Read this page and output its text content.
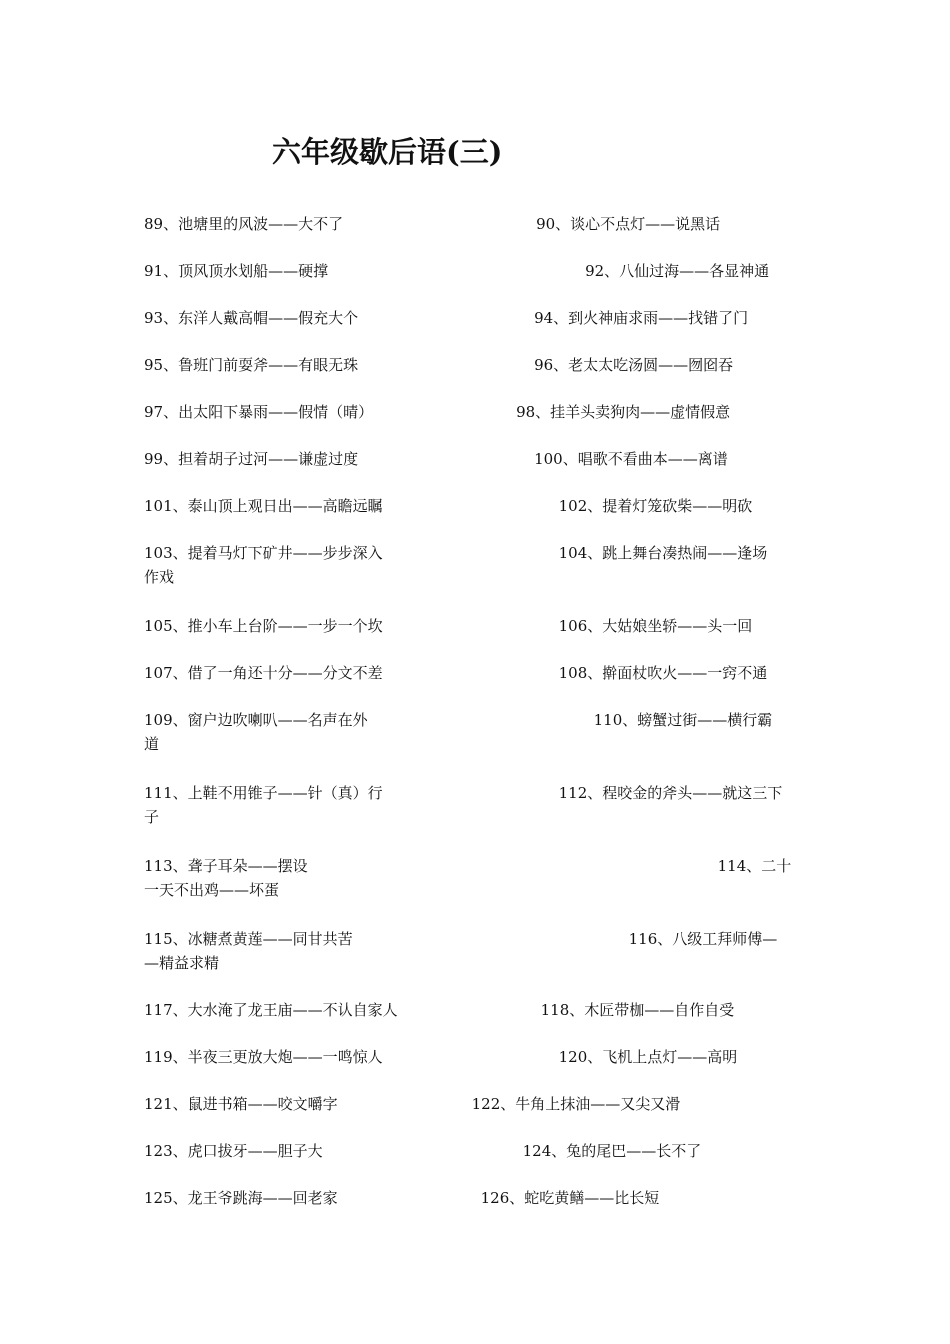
六年级歇后语(三)
89、池塘里的风波——大不了	90、谈心不点灯——说黑话
91、顶风顶水划船——硬撑	92、八仙过海——各显神通
93、东洋人戴高帽——假充大个	94、到火神庙求雨——找错了门
95、鲁班门前耍斧——有眼无珠	96、老太太吃汤圆——囫囵吞
97、出太阳下暴雨——假情（晴）	98、挂羊头卖狗肉——虚情假意
99、担着胡子过河——谦虚过度	100、唱歌不看曲本——离谱
101、泰山顶上观日出——高瞻远瞩	102、提着灯笼砍柴——明砍
103、提着马灯下矿井——步步深入	104、跳上舞台凑热闹——逢场
作戏
105、推小车上台阶——一步一个坎	106、大姑娘坐轿——头一回
107、借了一角还十分——分文不差	108、擀面杖吹火——一窍不通
109、窗户边吹喇叭——名声在外	110、螃蟹过街——横行霸
道
111、上鞋不用锥子——针（真）行	112、程咬金的斧头——就这三下
子
113、聋子耳朵——摆设	114、二十
一天不出鸡——坏蛋
115、冰糖煮黄莲——同甘共苦	116、八级工拜师傅—
—精益求精
117、大水淹了龙王庙——不认自家人	118、木匠带枷——自作自受
119、半夜三更放大炮——一鸣惊人	120、飞机上点灯——高明
121、鼠进书箱——咬文嚼字	122、牛角上抹油——又尖又滑
123、虎口拔牙——胆子大	124、兔的尾巴——长不了
125、龙王爷跳海——回老家	126、蛇吃黄鳝——比长短
